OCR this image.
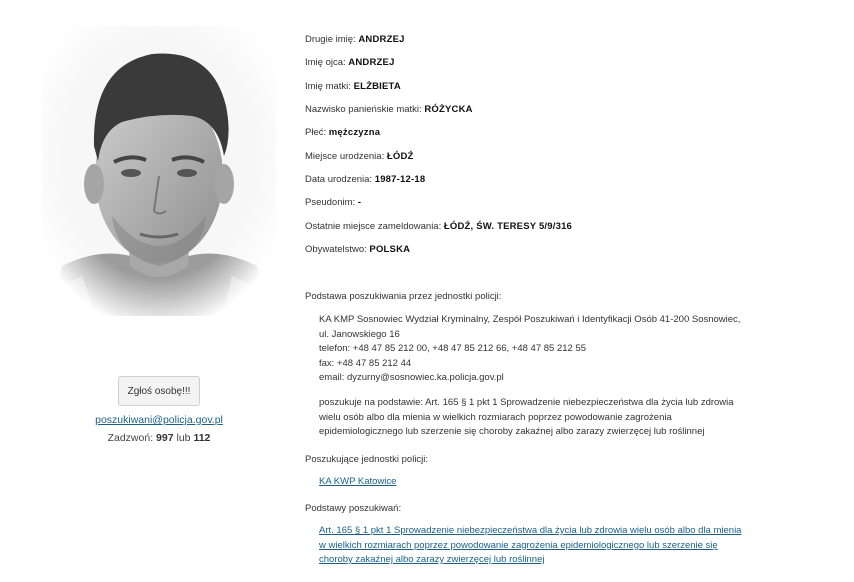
Zgłoś osobę!!!
poszukiwani@policja.gov.pl
Zadzwoń: 997 lub 112
Drugie imię: ANDRZEJ
Imię ojca: ANDRZEJ
Imię matki: ELŻBIETA
Nazwisko panieńskie matki: RÓŻYCKA
Płeć: mężczyzna
Miejsce urodzenia: ŁÓDŹ
Data urodzenia: 1987-12-18
Pseudonim: -
Ostatnie miejsce zameldowania: ŁÓDŹ, ŚW. TERESY 5/9/316
Obywatelstwo: POLSKA
Podstawa poszukiwania przez jednostki policji:
KA KMP Sosnowiec Wydział Kryminalny, Zespół Poszukiwań i Identyfikacji Osób 41-200 Sosnowiec,
ul. Janowskiego 16
telefon: +48 47 85 212 00, +48 47 85 212 66, +48 47 85 212 55
fax: +48 47 85 212 44
email: dyzurny@sosnowiec.ka.policja.gov.pl
poszukuje na podstawie: Art. 165 § 1 pkt 1 Sprowadzenie niebezpieczeństwa dla życia lub zdrowia
wielu osób albo dla mienia w wielkich rozmiarach poprzez powodowanie zagrożenia
epidemiologicznego lub szerzenie się choroby zakaźnej albo zarazy zwierzęcej lub roślinnej
Poszukujące jednostki policji:
KA KWP Katowice
Podstawy poszukiwań:
Art. 165 § 1 pkt 1 Sprowadzenie niebezpieczeństwa dla życia lub zdrowia wielu osób albo dla mienia
w wielkich rozmiarach poprzez powodowanie zagrożenia epidemiologicznego lub szerzenie się
choroby zakaźnej albo zarazy zwierzęcej lub roślinnej
